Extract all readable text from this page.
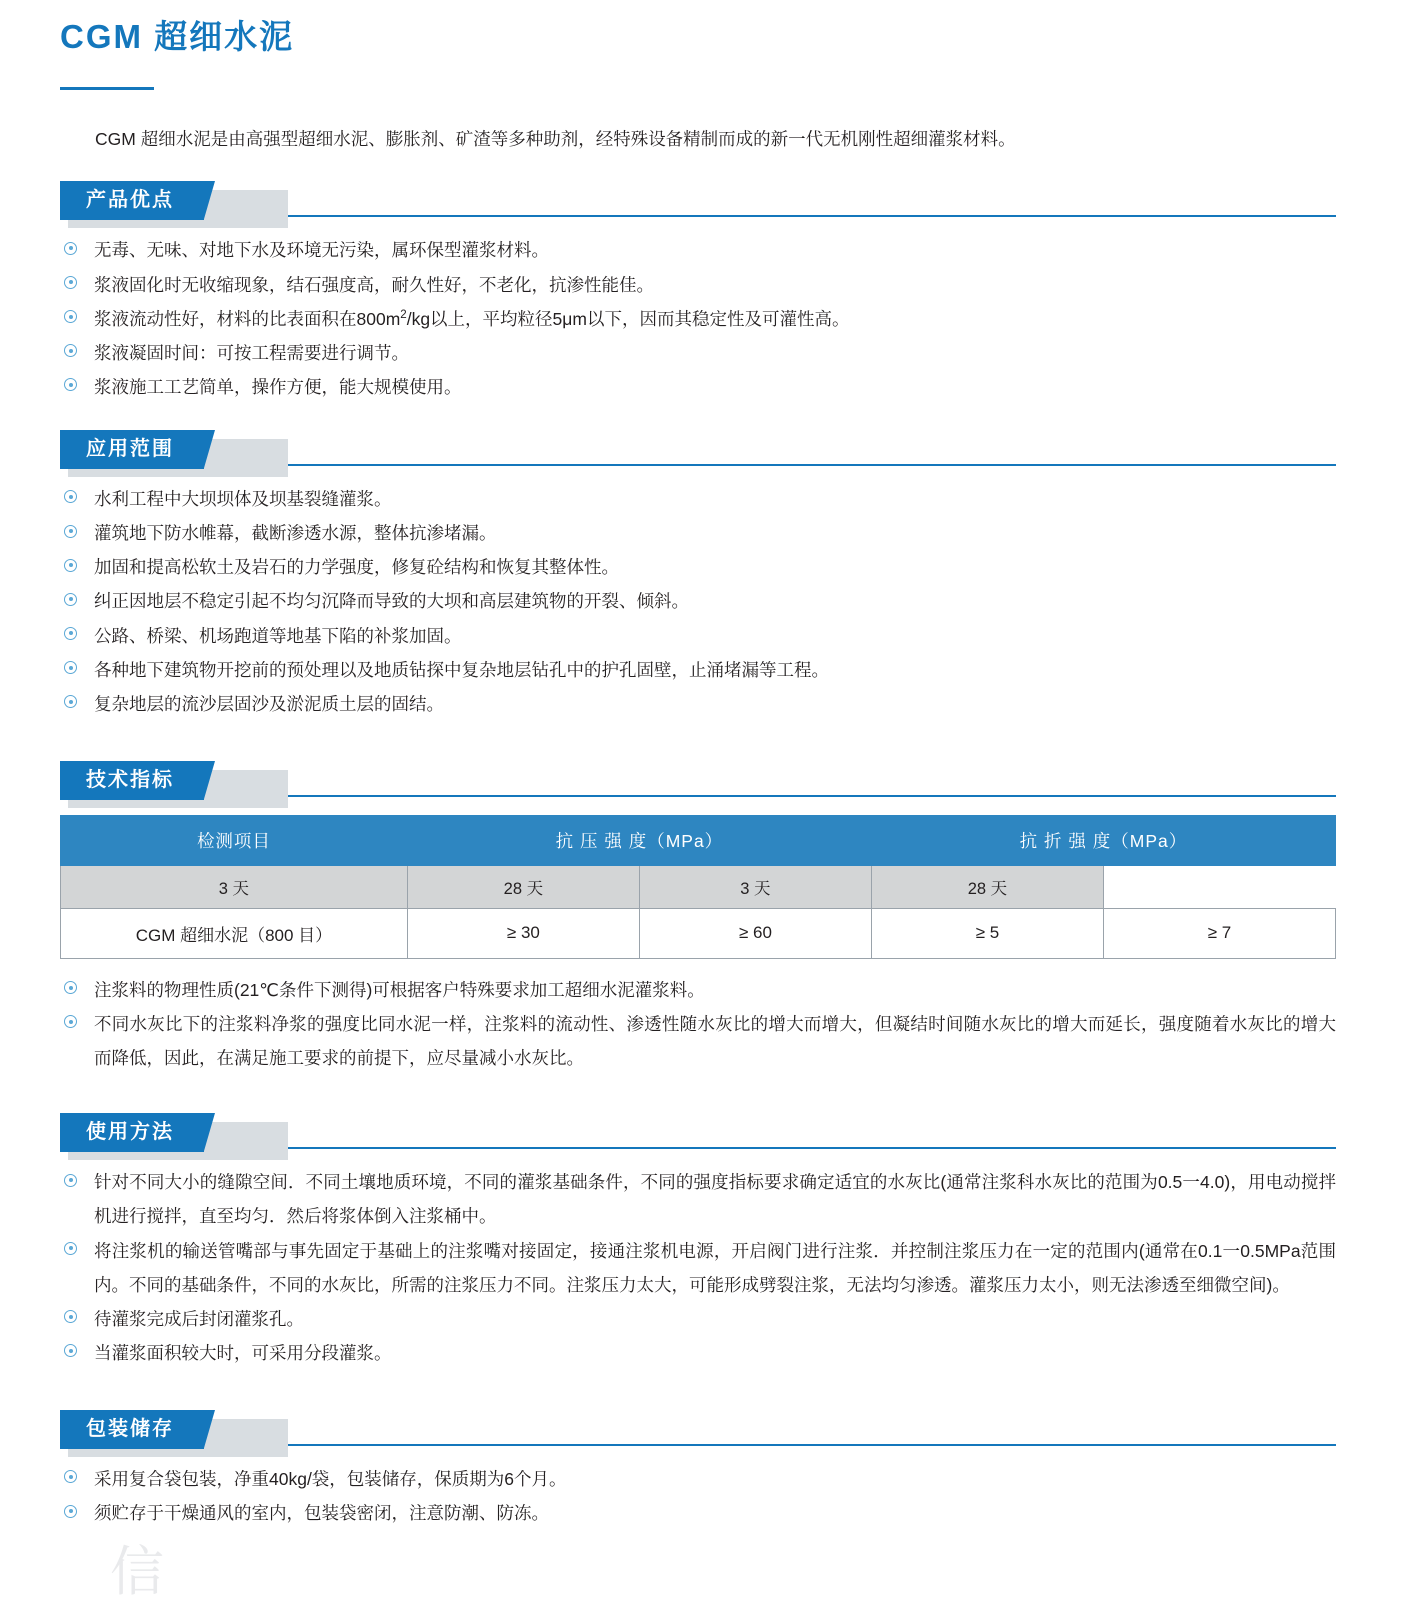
CGM 超细水泥

CGM 超细水泥是由高强型超细水泥、膨胀剂、矿渣等多种助剂，经特殊设备精制而成的新一代无机刚性超细灌浆材料。

产品优点
无毒、无味、对地下水及环境无污染，属环保型灌浆材料。
浆液固化时无收缩现象，结石强度高，耐久性好，不老化，抗渗性能佳。
浆液流动性好，材料的比表面积在$800m^2/kg$以上，平均粒径5μm以下，因而其稳定性及可灌性高。
浆液凝固时间：可按工程需要进行调节。
浆液施工工艺简单，操作方便，能大规模使用。
应用范围
水利工程中大坝坝体及坝基裂缝灌浆。
灌筑地下防水帷幕，截断渗透水源，整体抗渗堵漏。
加固和提高松软土及岩石的力学强度，修复砼结构和恢复其整体性。
纠正因地层不稳定引起不均匀沉降而导致的大坝和高层建筑物的开裂、倾斜。
公路、桥梁、机场跑道等地基下陷的补浆加固。
各种地下建筑物开挖前的预处理以及地质钻探中复杂地层钻孔中的护孔固壁，止涌堵漏等工程。
复杂地层的流沙层固沙及淤泥质土层的固结。
技术指标
检测项目	抗 压 强 度（MPa）		抗 折 强 度（MPa）	
3 天	28 天	3 天	28 天	
CGM 超细水泥（800 目）	≥ 30	≥ 60	≥ 5	≥ 7
注浆料的物理性质(21℃条件下测得)可根据客户特殊要求加工超细水泥灌浆料。
不同水灰比下的注浆料净浆的强度比同水泥一样，注浆料的流动性、渗透性随水灰比的增大而增大，但凝结时间随水灰比的增大而延长，强度随着水灰比的增大而降低，因此，在满足施工要求的前提下，应尽量减小水灰比。
使用方法
针对不同大小的缝隙空间．不同土壤地质环境，不同的灌浆基础条件，不同的强度指标要求确定适宜的水灰比(通常注浆科水灰比的范围为0.5一4.0)，用电动搅拌机进行搅拌，直至均匀．然后将浆体倒入注浆桶中。
将注浆机的输送管嘴部与事先固定于基础上的注浆嘴对接固定，接通注浆机电源，开启阀门进行注浆．并控制注浆压力在一定的范围内(通常在0.1一0.5MPa范围内。不同的基础条件，不同的水灰比，所需的注浆压力不同。注浆压力太大，可能形成劈裂注浆，无法均匀渗透。灌浆压力太小，则无法渗透至细微空间)。
待灌浆完成后封闭灌浆孔。
当灌浆面积较大时，可采用分段灌浆。
包装储存
采用复合袋包装，净重40kg/袋，包装储存，保质期为6个月。
须贮存于干燥通风的室内，包装袋密闭，注意防潮、防冻。
信
